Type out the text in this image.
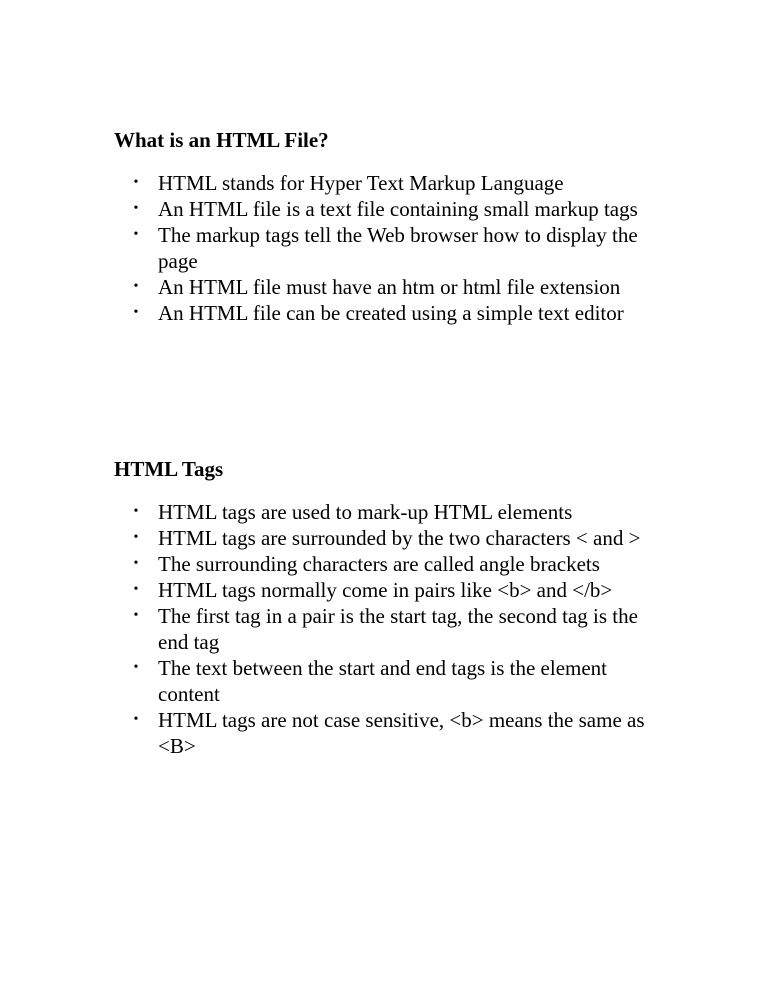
What is an HTML File?
• HTML stands for Hyper Text Markup Language
• An HTML file is a text file containing small markup tags
• The markup tags tell the Web browser how to display the page
• An HTML file must have an htm or html file extension
• An HTML file can be created using a simple text editor
HTML Tags
• HTML tags are used to mark-up HTML elements
• HTML tags are surrounded by the two characters < and >
• The surrounding characters are called angle brackets
• HTML tags normally come in pairs like <b> and </b>
• The first tag in a pair is the start tag, the second tag is the end tag
• The text between the start and end tags is the element content
• HTML tags are not case sensitive, <b> means the same as <B>
